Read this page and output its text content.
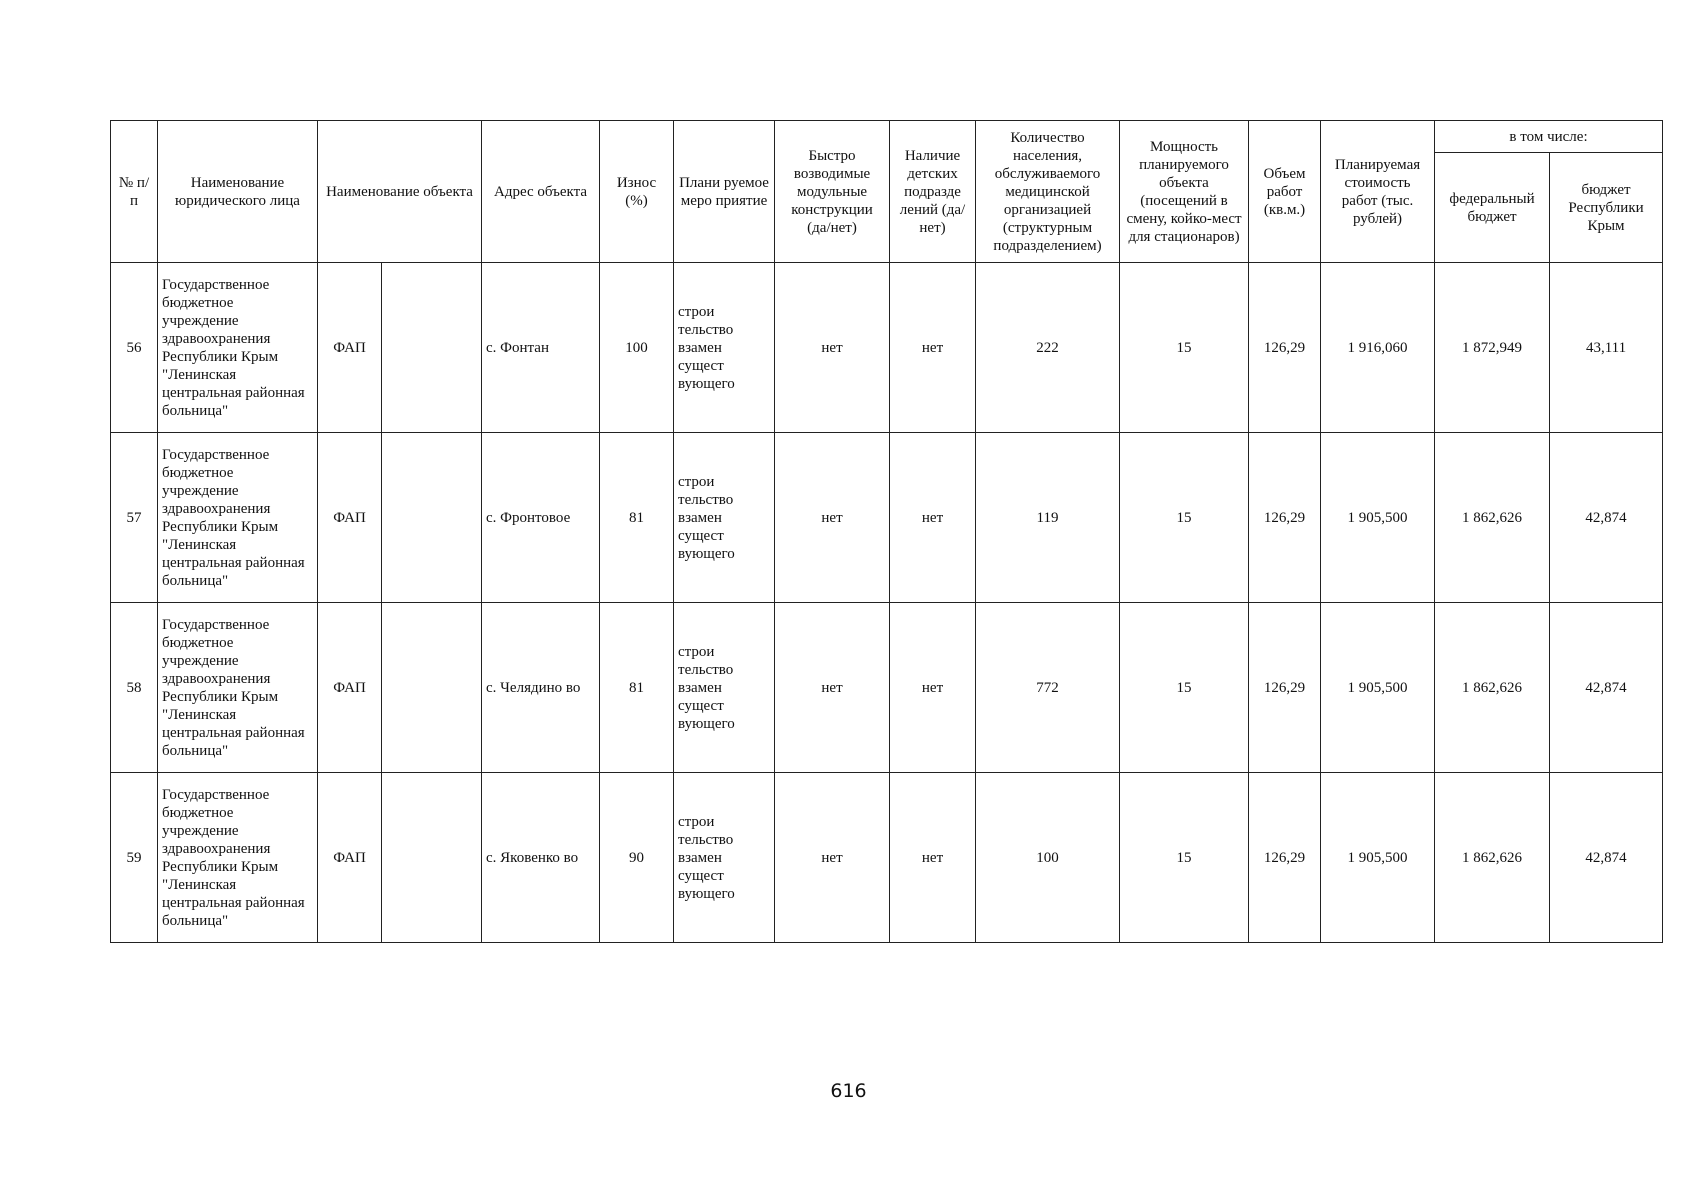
№ п/п	Наименование юридического лица	Наименование объекта		Адрес объекта	Износ (%)	Плани руемое меро приятие	Быстро возводимые модульные конструкции (да/нет)	Наличие детских подразде лений (да/нет)	Количество населения, обслуживаемого медицинской организацией (структурным подразделением)	Мощность планируемого объекта (посещений в смену, койко-мест для стационаров)	Объем работ (кв.м.)	Планируемая стоимость работ (тыс. рублей)	в том числе:	
													федеральный бюджет	бюджет Республики Крым
56	Государственное бюджетное учреждение здравоохранения Республики Крым "Ленинская центральная районная больница"	ФАП		с. Фонтан	100	строи тельство взамен сущест вующего	нет	нет	222	15	126,29	1 916,060	1 872,949	43,111
57	Государственное бюджетное учреждение здравоохранения Республики Крым "Ленинская центральная районная больница"	ФАП		с. Фронтовое	81	строи тельство взамен сущест вующего	нет	нет	119	15	126,29	1 905,500	1 862,626	42,874
58	Государственное бюджетное учреждение здравоохранения Республики Крым "Ленинская центральная районная больница"	ФАП		с. Челядино во	81	строи тельство взамен сущест вующего	нет	нет	772	15	126,29	1 905,500	1 862,626	42,874
59	Государственное бюджетное учреждение здравоохранения Республики Крым "Ленинская центральная районная больница"	ФАП		с. Яковенко во	90	строи тельство взамен сущест вующего	нет	нет	100	15	126,29	1 905,500	1 862,626	42,874
616
